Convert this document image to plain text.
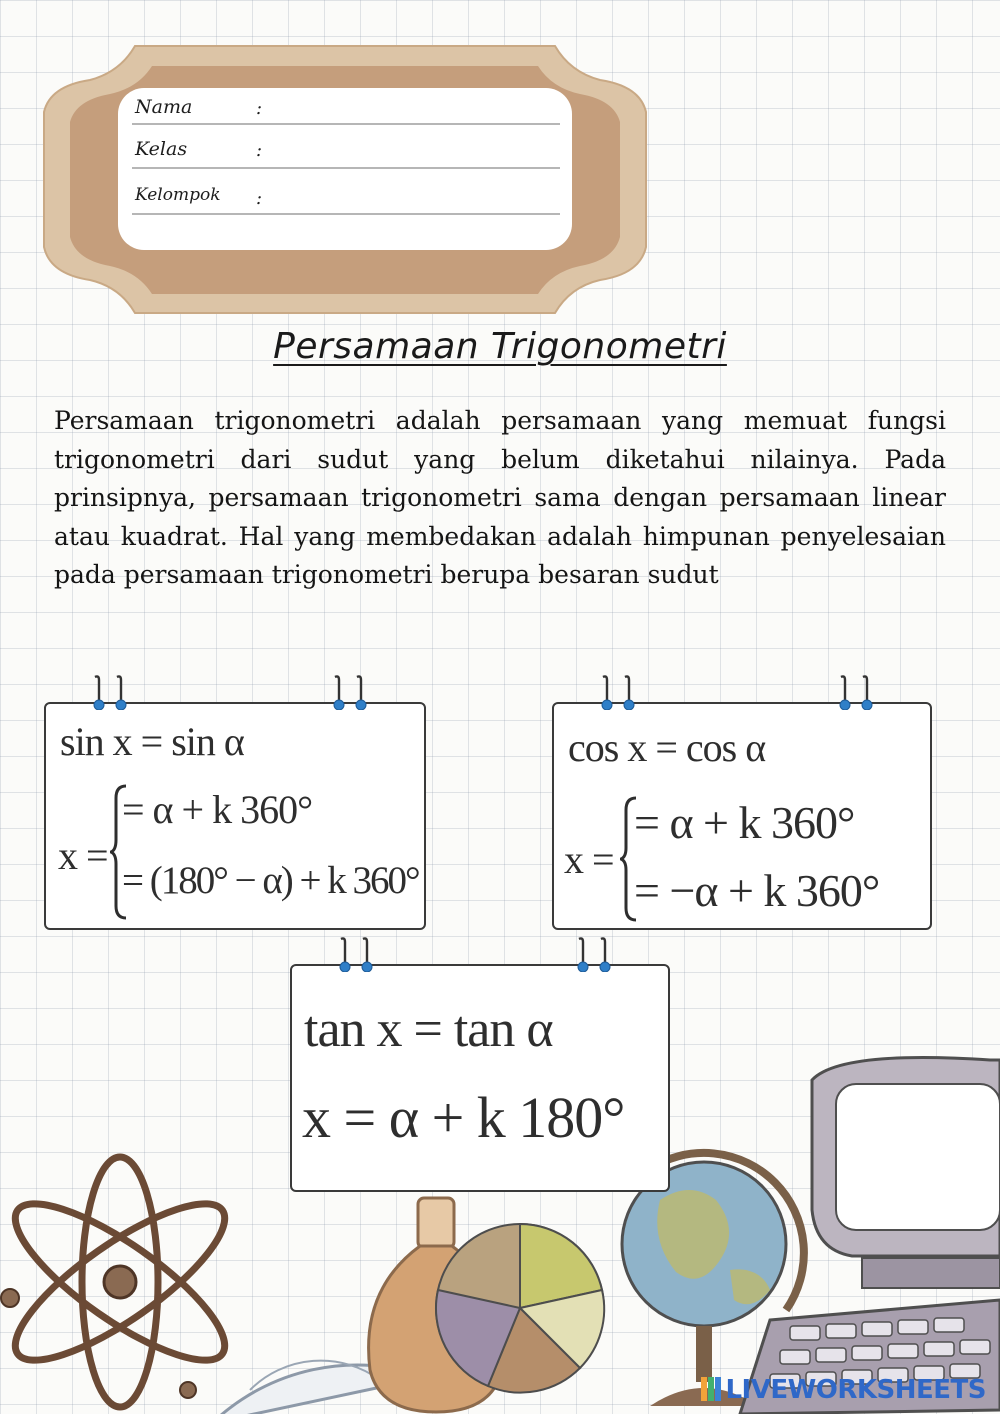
Nama	:
Kelas	:
Kelompok :
Persamaan Trigonometri

Persamaan trigonometri adalah persamaan yang memuat fungsi trigonometri dari sudut yang belum diketahui nilainya. Pada prinsipnya, persamaan trigonometri sama dengan persamaan linear atau kuadrat. Hal yang membedakan adalah himpunan penyelesaian pada persamaan trigonometri berupa besaran sudut

sin x = sin α
x =
= α + k 360°
= (180° − α) + k 360°
cos x = cos α
x =
= α + k 360°
= −α + k 360°
tan x = tan α
x = α + k 180°
LIVEWORKSHEETS
